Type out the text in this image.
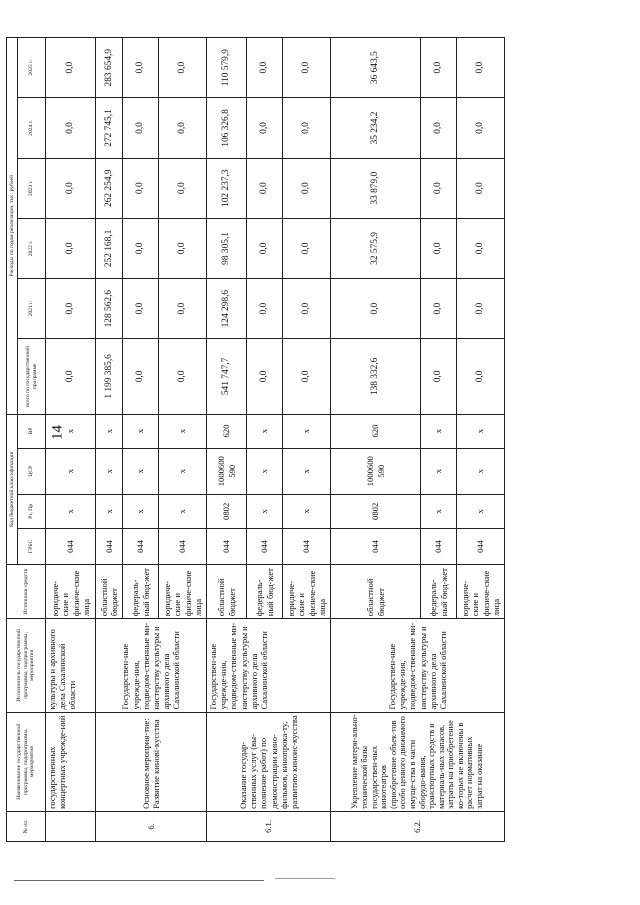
14
№ пп.	Наименование государственной программы, подпрограммы, мероприятия	Исполнитель государственной программы, подпрограммы, мероприятия	Источники средств	Код бюджетной классификации				Расходы по годам реализации, тыс. рублей					
				ГРБС	Рз, Пр	ЦСР	ВР	всего по государственной программе	2021 г.	2022 г.	2023 г.	2024 г.	2025 г.
	государственных концертных учрежде-ний	культуры и архивного дела Сахалинской области	юридиче-ские и физиче-ские лица	044	х	х	х	0,0	0,0	0,0	0,0	0,0	0,0
6.	Основное мероприя-тие: Развитие кинові-кусства	Государствен-ные учрежде-ния, подведом-ственные ми-нистерству культуры и архивного дела Сахалинской области	областной бюджет	044	х	х	х	1 199 385,6	128 562,6	252 168,1	262 254,9	272 745,1	283 654,9
			федераль-ный бюд-жет	044	х	х	х	0,0	0,0	0,0	0,0	0,0	0,0
			юридиче-ские и физиче-ские лица	044	х	х	х	0,0	0,0	0,0	0,0	0,0	0,0
6.1.	Оказание государ-ственных услуг (вы-полнение работ) по демонстрации кино-фильмов, кинопрока-ту, развитию киноис-кусства	Государствен-ные учрежде-ния, подведом-ственные ми-нистерству культуры и архивного дела Сахалинской области	областной бюджет	044	0802	1000600 590	620	541 747,7	124 298,6	98 305,1	102 237,3	106 326,8	110 579,9
			федераль-ный бюд-жет	044	х	х	х	0,0	0,0	0,0	0,0	0,0	0,0
			юридиче-ские и физиче-ские лица	044	х	х	х	0,0	0,0	0,0	0,0	0,0	0,0
6.2.	Укрепление матери-ально-технической базы государствен-ных кинотеатров (приобретение объек-тов особо ценного движимого имуще-ства в части оборудо-вания, транспортных средств и материаль-ных запасов, затраты на приобретение ко-торых не включены в расчет нормативных затрат на оказание	Государствен-ные учрежде-ния, подведом-ственные ми-нистерству культуры и архивного дела Сахалинской области	областной бюджет	044	0802	1000600 590	620	138 332,6	0,0	32 575,9	33 879,0	35 234,2	36 643,5
			федераль-ный бюд-жет	044	х	х	х	0,0	0,0	0,0	0,0	0,0	0,0
			юридиче-ские и физиче-ские лица	044	х	х	х	0,0	0,0	0,0	0,0	0,0	0,0
